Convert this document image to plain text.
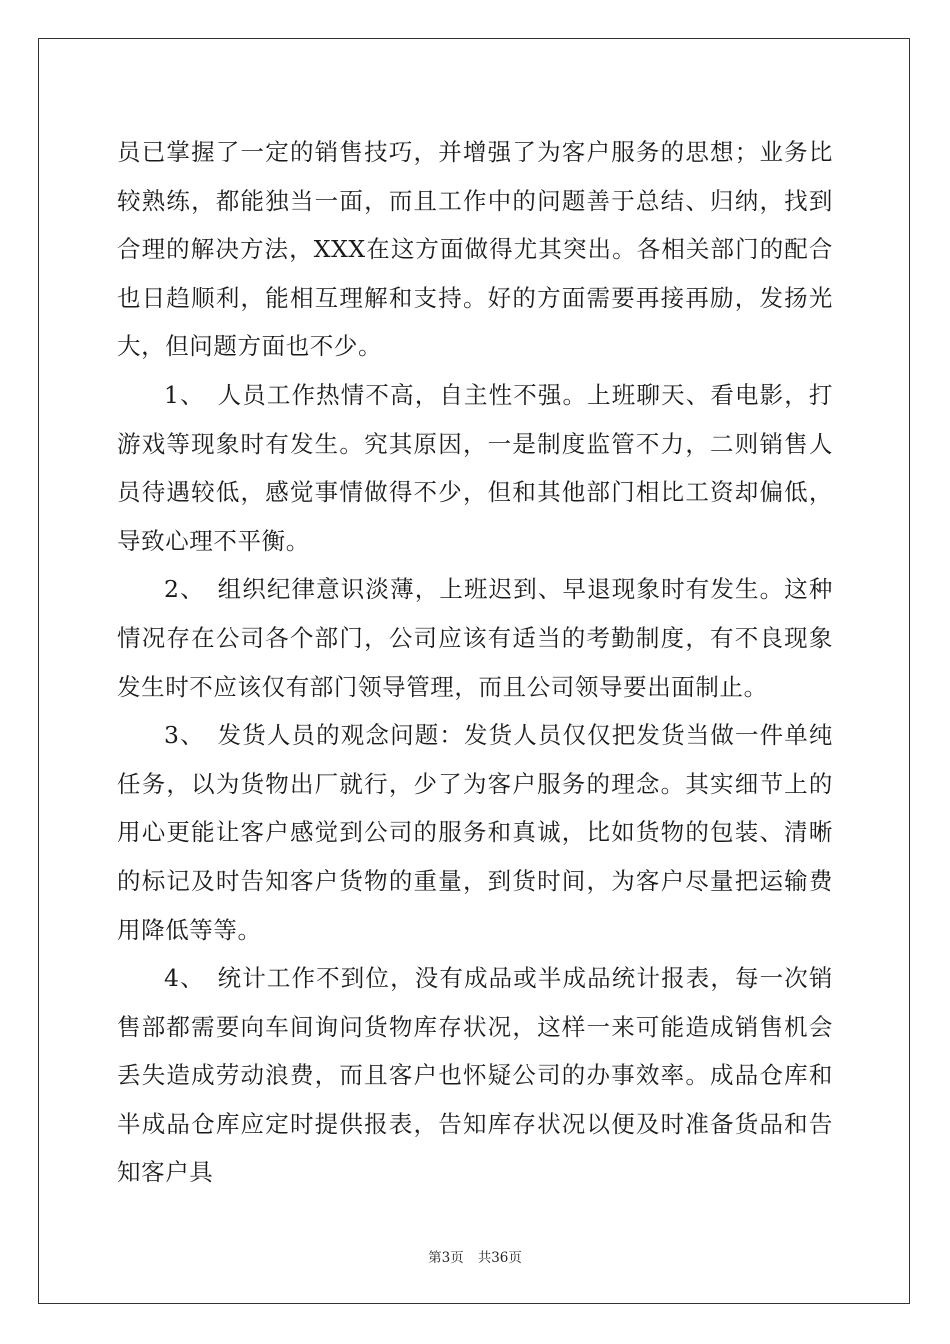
员已掌握了一定的销售技巧，并增强了为客户服务的思想；业务比较熟练，都能独当一面，而且工作中的问题善于总结、归纳，找到合理的解决方法，XXX在这方面做得尤其突出。各相关部门的配合也日趋顺利，能相互理解和支持。好的方面需要再接再励，发扬光大，但问题方面也不少。

1、　人员工作热情不高，自主性不强。上班聊天、看电影，打游戏等现象时有发生。究其原因，一是制度监管不力，二则销售人员待遇较低，感觉事情做得不少，但和其他部门相比工资却偏低，导致心理不平衡。

2、　组织纪律意识淡薄，上班迟到、早退现象时有发生。这种情况存在公司各个部门，公司应该有适当的考勤制度，有不良现象发生时不应该仅有部门领导管理，而且公司领导要出面制止。

3、　发货人员的观念问题：发货人员仅仅把发货当做一件单纯任务，以为货物出厂就行，少了为客户服务的理念。其实细节上的用心更能让客户感觉到公司的服务和真诚，比如货物的包装、清晰的标记及时告知客户货物的重量，到货时间，为客户尽量把运输费用降低等等。

4、　统计工作不到位，没有成品或半成品统计报表，每一次销售部都需要向车间询问货物库存状况，这样一来可能造成销售机会丢失造成劳动浪费，而且客户也怀疑公司的办事效率。成品仓库和半成品仓库应定时提供报表，告知库存状况以便及时准备货品和告知客户具

第3页 共36页
